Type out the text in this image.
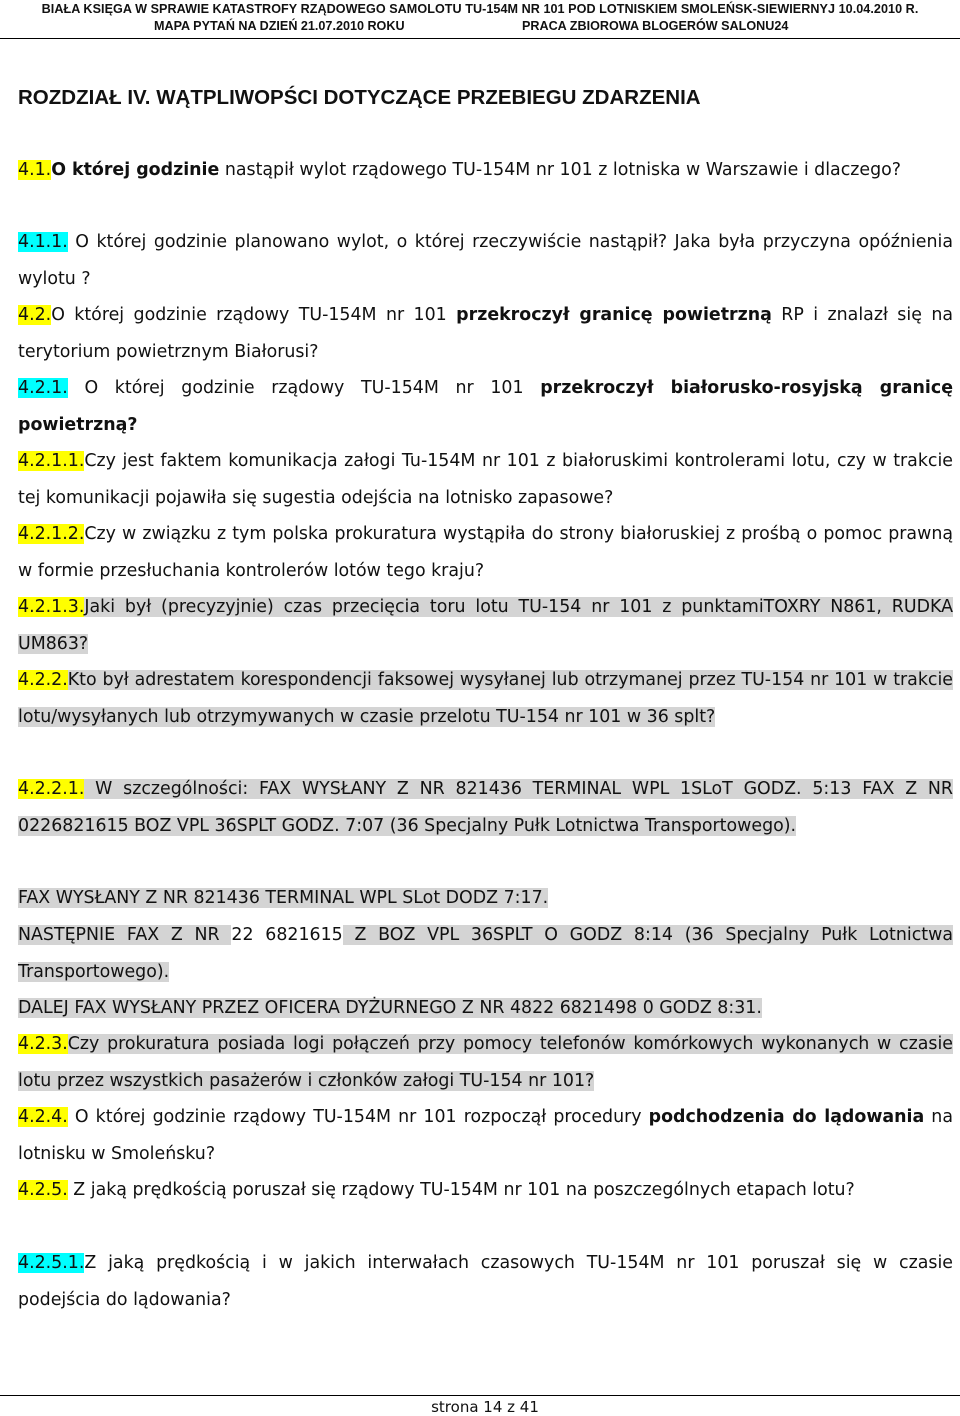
BIAŁA KSIĘGA W SPRAWIE KATASTROFY RZĄDOWEGO SAMOLOTU TU-154M NR 101 POD LOTNISKIEM SMOLEŃSK-SIEWIERNYJ 10.04.2010 R.
MAPA PYTAŃ NA DZIEŃ 21.07.2010 ROKU	PRACA ZBIOROWA BLOGERÓW SALONU24
ROZDZIAŁ IV. WĄTPLIWOPŚCI DOTYCZĄCE PRZEBIEGU ZDARZENIA

4.1.O której godzinie nastąpił wylot rządowego TU-154M nr 101 z lotniska w Warszawie i dlaczego?

4.1.1. O której godzinie planowano wylot, o której rzeczywiście nastąpił? Jaka była przyczyna opóźnienia wylotu ?

4.2.O której godzinie rządowy TU-154M nr 101 przekroczył granicę powietrzną RP i znalazł się na terytorium powietrznym Białorusi?

4.2.1. O której godzinie rządowy TU-154M nr 101 przekroczył białorusko-rosyjską granicę powietrzną?

4.2.1.1.Czy jest faktem komunikacja załogi Tu-154M nr 101 z białoruskimi kontrolerami lotu, czy w trakcie tej komunikacji pojawiła się sugestia odejścia na lotnisko zapasowe?

4.2.1.2.Czy w związku z tym polska prokuratura wystąpiła do strony białoruskiej z prośbą o pomoc prawną w formie przesłuchania kontrolerów lotów tego kraju?

4.2.1.3.Jaki był (precyzyjnie) czas przecięcia toru lotu TU-154 nr 101 z punktamiTOXRY N861, RUDKA UM863?

4.2.2.Kto był adrestatem korespondencji faksowej wysyłanej lub otrzymanej przez TU-154 nr 101 w trakcie lotu/wysyłanych lub otrzymywanych w czasie przelotu TU-154 nr 101 w 36 splt?

4.2.2.1. W szczególności: FAX WYSŁANY Z NR 821436 TERMINAL WPL 1SLoT GODZ. 5:13 FAX Z NR 0226821615 BOZ VPL 36SPLT GODZ. 7:07 (36 Specjalny Pułk Lotnictwa Transportowego).

FAX WYSŁANY Z NR 821436 TERMINAL WPL SLot DODZ 7:17.

NASTĘPNIE FAX Z NR 22 6821615 Z BOZ VPL 36SPLT O GODZ 8:14 (36 Specjalny Pułk Lotnictwa Transportowego).

DALEJ FAX WYSŁANY PRZEZ OFICERA DYŻURNEGO Z NR 4822 6821498 0 GODZ 8:31.

4.2.3.Czy prokuratura posiada logi połączeń przy pomocy telefonów komórkowych wykonanych w czasie lotu przez wszystkich pasażerów i członków załogi TU-154 nr 101?

4.2.4. O której godzinie rządowy TU-154M nr 101 rozpoczął procedury podchodzenia do lądowania na lotnisku w Smoleńsku?

4.2.5. Z jaką prędkością poruszał się rządowy TU-154M nr 101 na poszczególnych etapach lotu?

4.2.5.1.Z jaką prędkością i w jakich interwałach czasowych TU-154M nr 101 poruszał się w czasie podejścia do lądowania?

strona 14 z 41
